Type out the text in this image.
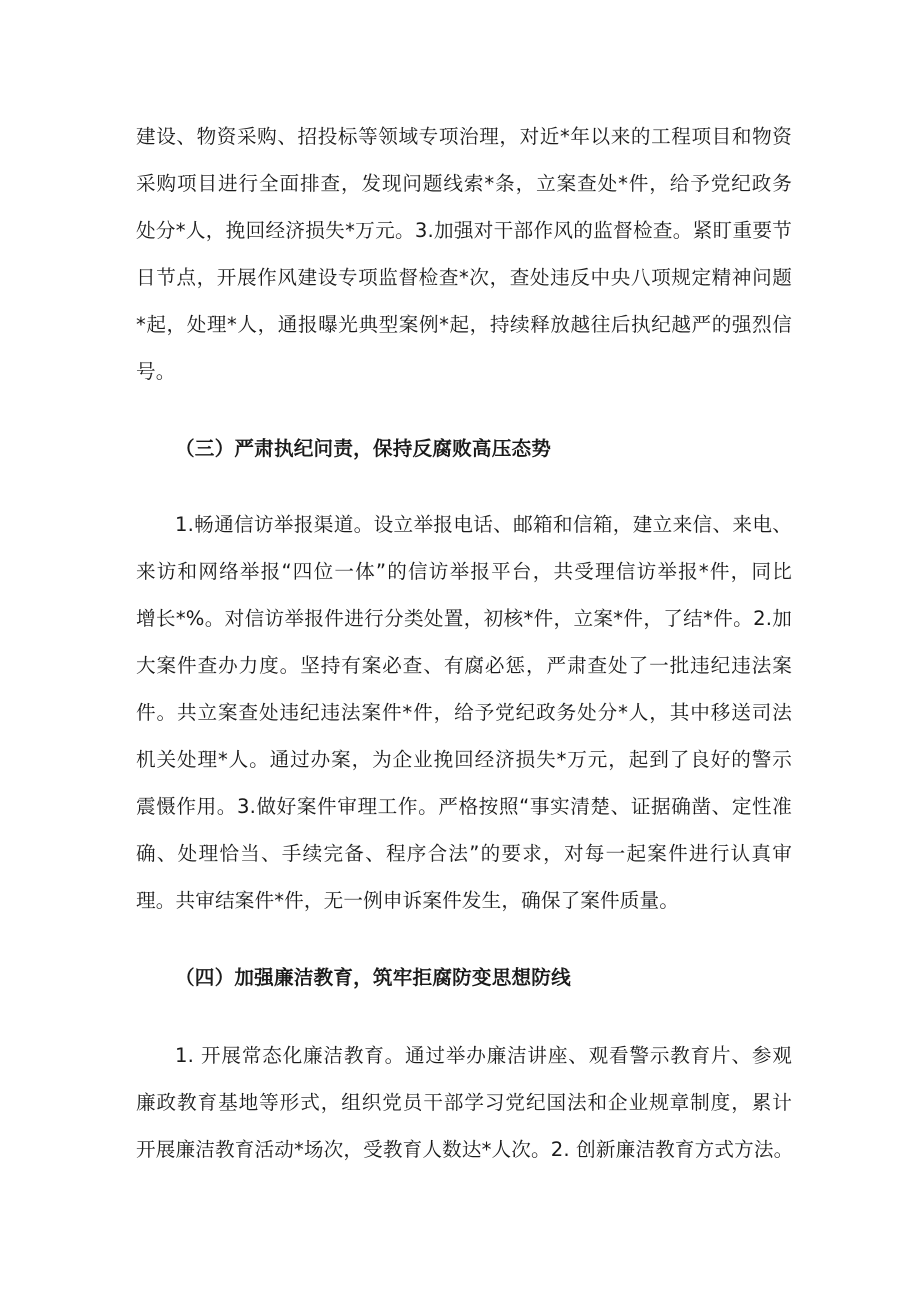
建设、物资采购、招投标等领域专项治理，对近*年以来的工程项目和物资
采购项目进行全面排查，发现问题线索*条，立案查处*件，给予党纪政务
处分*人，挽回经济损失*万元。3.加强对干部作风的监督检查。紧盯重要节
日节点，开展作风建设专项监督检查*次，查处违反中央八项规定精神问题
*起，处理*人，通报曝光典型案例*起，持续释放越往后执纪越严的强烈信
号。
（三）严肃执纪问责，保持反腐败高压态势
1.畅通信访举报渠道。设立举报电话、邮箱和信箱，建立来信、来电、
来访和网络举报“四位一体”的信访举报平台，共受理信访举报*件，同比
增长*%。对信访举报件进行分类处置，初核*件，立案*件，了结*件。2.加
大案件查办力度。坚持有案必查、有腐必惩，严肃查处了一批违纪违法案
件。共立案查处违纪违法案件*件，给予党纪政务处分*人，其中移送司法
机关处理*人。通过办案，为企业挽回经济损失*万元，起到了良好的警示
震慑作用。3.做好案件审理工作。严格按照“事实清楚、证据确凿、定性准
确、处理恰当、手续完备、程序合法”的要求，对每一起案件进行认真审
理。共审结案件*件，无一例申诉案件发生，确保了案件质量。
（四）加强廉洁教育，筑牢拒腐防变思想防线
1. 开展常态化廉洁教育。通过举办廉洁讲座、观看警示教育片、参观
廉政教育基地等形式，组织党员干部学习党纪国法和企业规章制度，累计
开展廉洁教育活动*场次，受教育人数达*人次。2. 创新廉洁教育方式方法。
